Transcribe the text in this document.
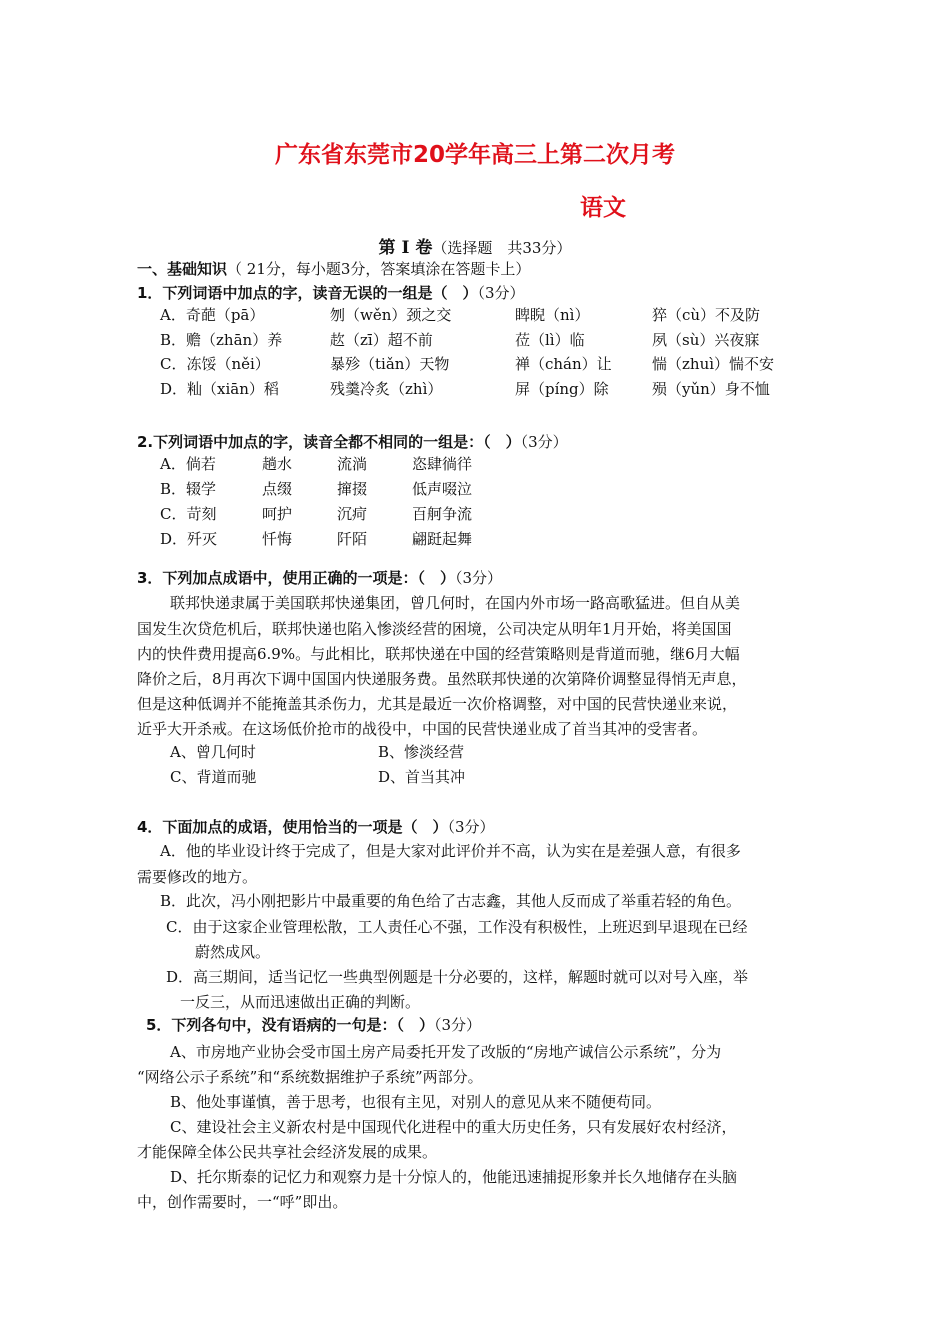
广东省东莞市20学年高三上第二次月考
语文
第 I 卷（选择题　共33分）
一、基础知识（ 21分，每小题3分，答案填涂在答题卡上）
1．下列词语中加点的字，读音无误的一组是（　）（3分）
A．奇葩（pā）	刎（wěn）颈之交	睥睨（nì）	猝（cù）不及防
B．赡（zhān）养	赼（zī）超不前	莅（lì）临	夙（sù）兴夜寐
C．冻馁（něi）	暴殄（tiǎn）天物	禅（chán）让	惴（zhuì）惴不安
D．籼（xiān）稻	残羹冷炙（zhì）	屏（píng）除	殒（yǔn）身不恤
2.下列词语中加点的字，读音全都不相同的一组是：（　）（3分）
A．倘若	趟水	流淌	恣肆徜徉
B．辍学	点缀	撺掇	低声啜泣
C．苛刻	呵护	沉疴	百舸争流
D．歼灭	忏悔	阡陌	翩跹起舞
3．下列加点成语中，使用正确的一项是：（　）（3分）
联邦快递隶属于美国联邦快递集团，曾几何时，在国内外市场一路高歌猛进。但自从美
国发生次贷危机后，联邦快递也陷入惨淡经营的困境，公司决定从明年1月开始，将美国国
内的快件费用提高6.9%。与此相比，联邦快递在中国的经营策略则是背道而驰，继6月大幅
降价之后，8月再次下调中国国内快递服务费。虽然联邦快递的次第降价调整显得悄无声息，
但是这种低调并不能掩盖其杀伤力，尤其是最近一次价格调整，对中国的民营快递业来说，
近乎大开杀戒。在这场低价抢市的战役中，中国的民营快递业成了首当其冲的受害者。
A、曾几何时	B、惨淡经营
C、背道而驰	D、首当其冲
4．下面加点的成语，使用恰当的一项是（　）（3分）
A．他的毕业设计终于完成了，但是大家对此评价并不高，认为实在是差强人意，有很多
需要修改的地方。
B．此次，冯小刚把影片中最重要的角色给了古志鑫，其他人反而成了举重若轻的角色。
C．由于这家企业管理松散，工人责任心不强，工作没有积极性，上班迟到早退现在已经
蔚然成风。
D．高三期间，适当记忆一些典型例题是十分必要的，这样，解题时就可以对号入座，举
一反三，从而迅速做出正确的判断。
5．下列各句中，没有语病的一句是：（　）（3分）
A、市房地产业协会受市国土房产局委托开发了改版的“房地产诚信公示系统”，分为
“网络公示子系统”和“系统数据维护子系统”两部分。
B、他处事谨慎，善于思考，也很有主见，对别人的意见从来不随便苟同。
C、建设社会主义新农村是中国现代化进程中的重大历史任务，只有发展好农村经济，
才能保障全体公民共享社会经济发展的成果。
D、托尔斯泰的记忆力和观察力是十分惊人的，他能迅速捕捉形象并长久地储存在头脑
中，创作需要时，一“呼”即出。
